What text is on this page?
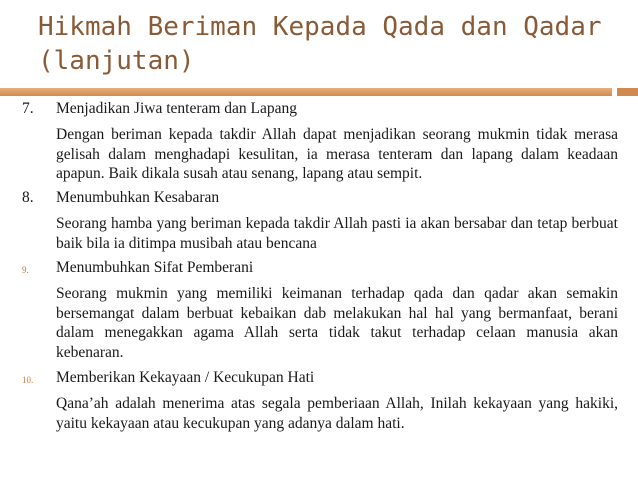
Hikmah Beriman Kepada Qada dan Qadar
(lanjutan)
7. Menjadikan Jiwa tenteram dan Lapang
Dengan beriman kepada takdir Allah dapat menjadikan seorang mukmin tidak merasa gelisah dalam menghadapi kesulitan, ia merasa tenteram dan lapang dalam keadaan apapun. Baik dikala susah atau senang, lapang atau sempit.
8. Menumbuhkan Kesabaran
Seorang hamba yang beriman kepada takdir Allah pasti ia akan bersabar dan tetap berbuat baik bila ia ditimpa musibah atau bencana
9. Menumbuhkan Sifat Pemberani
Seorang mukmin yang memiliki keimanan terhadap qada dan qadar akan semakin bersemangat dalam berbuat kebaikan dab melakukan hal hal yang bermanfaat, berani dalam menegakkan agama Allah serta tidak takut terhadap celaan manusia akan kebenaran.
10. Memberikan Kekayaan / Kecukupan Hati
Qana’ah adalah menerima atas segala pemberiaan Allah, Inilah kekayaan yang hakiki, yaitu kekayaan atau kecukupan yang adanya dalam hati.
